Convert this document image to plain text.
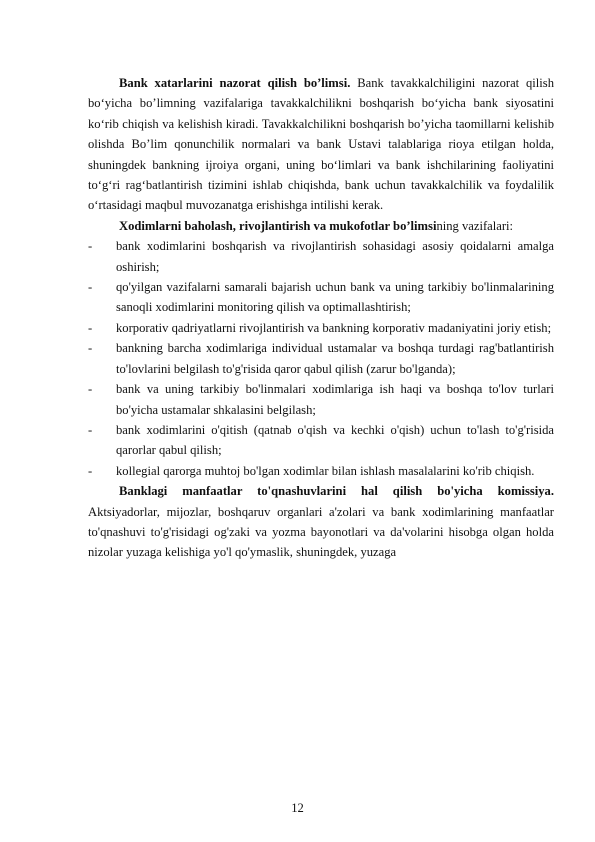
Bank xatarlarini nazorat qilish bo’limsi. Bank tavakkalchiligini nazorat qilish bo‘yicha bo’limning vazifalariga tavakkalchilikni boshqarish bo‘yicha bank siyosatini ko‘rib chiqish va kelishish kiradi. Tavakkalchilikni boshqarish bo’yicha taomillarni kelishib olishda Bo’lim qonunchilik normalari va bank Ustavi talablariga rioya etilgan holda, shuningdek bankning ijroiya organi, uning bo‘limlari va bank ishchilarining faoliyatini to‘g‘ri rag‘batlantirish tizimini ishlab chiqishda, bank uchun tavakkalchilik va foydalilik o‘rtasidagi maqbul muvozanatga erishishga intilishi kerak.

Xodimlarni baholash, rivojlantirish va mukofotlar bo’limsining vazifalari:

- bank xodimlarini boshqarish va rivojlantirish sohasidagi asosiy qoidalarni amalga oshirish;
- qo'yilgan vazifalarni samarali bajarish uchun bank va uning tarkibiy bo'linmalarining sanoqli xodimlarini monitoring qilish va optimallashtirish;
- korporativ qadriyatlarni rivojlantirish va bankning korporativ madaniyatini joriy etish;
- bankning barcha xodimlariga individual ustamalar va boshqa turdagi rag'batlantirish to'lovlarini belgilash to'g'risida qaror qabul qilish (zarur bo'lganda);
- bank va uning tarkibiy bo'linmalari xodimlariga ish haqi va boshqa to'lov turlari bo'yicha ustamalar shkalasini belgilash;
- bank xodimlarini o'qitish (qatnab o'qish va kechki o'qish) uchun to'lash to'g'risida qarorlar qabul qilish;
- kollegial qarorga muhtoj bo'lgan xodimlar bilan ishlash masalalarini ko'rib chiqish.

Banklagi manfaatlar to'qnashuvlarini hal qilish bo'yicha komissiya. Aktsiyadorlar, mijozlar, boshqaruv organlari a'zolari va bank xodimlarining manfaatlar to'qnashuvi to'g'risidagi og'zaki va yozma bayonotlari va da'volarini hisobga olgan holda nizolar yuzaga kelishiga yo'l qo'ymaslik, shuningdek, yuzaga

12
